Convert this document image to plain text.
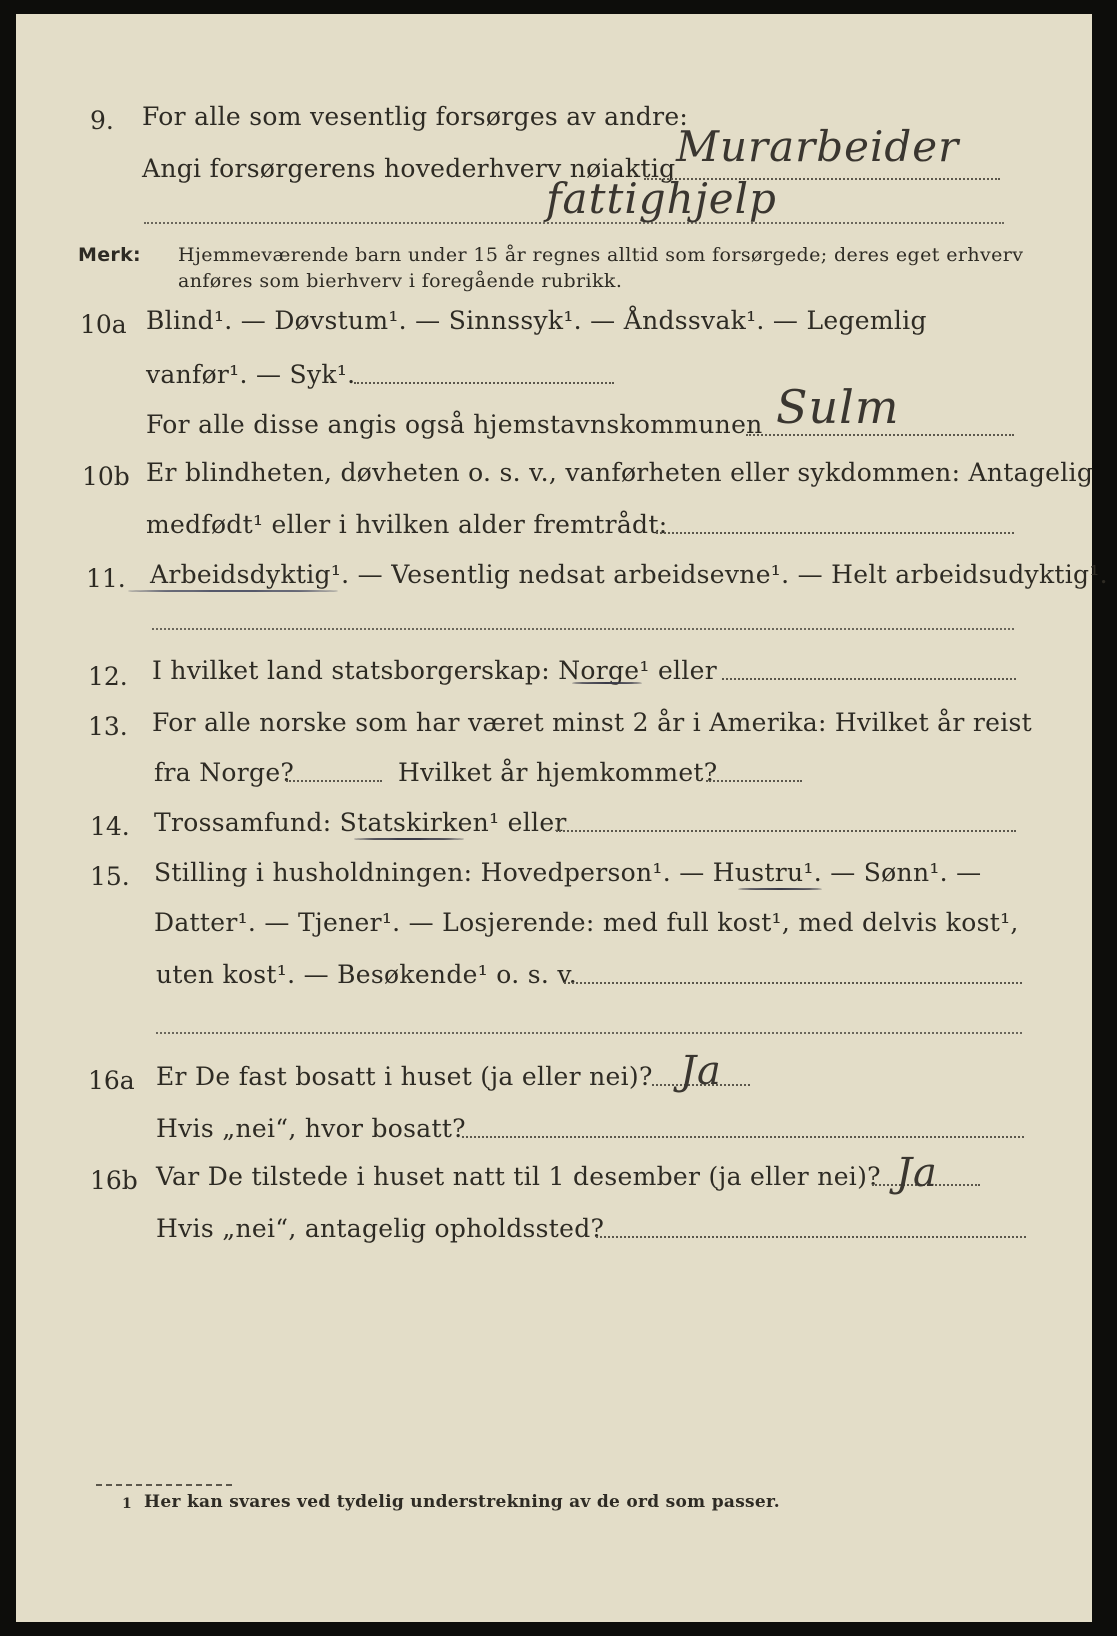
9. For alle som vesentlig forsørges av andre:
Angi forsørgerens hovederhverv nøiaktig Murarbeider
fattighjelp
Merk: Hjemmeværende barn under 15 år regnes alltid som forsørgede; deres eget erhverv
anføres som bierhverv i foregående rubrikk.
10a Blind¹. — Døvstum¹. — Sinnssyk¹. — Åndssvak¹. — Legemlig
vanfør¹. — Syk¹.
For alle disse angis også hjemstavnskommunen Sulm
10b Er blindheten, døvheten o. s. v., vanførheten eller sykdommen: Antagelig
medfødt¹ eller i hvilken alder fremtrådt:
11. Arbeidsdyktig¹. — Vesentlig nedsat arbeidsevne¹. — Helt arbeidsudyktig¹.
12. I hvilket land statsborgerskap: Norge¹ eller
13. For alle norske som har været minst 2 år i Amerika: Hvilket år reist
fra Norge?	Hvilket år hjemkommet?
14. Trossamfund: Statskirken¹ eller
15. Stilling i husholdningen: Hovedperson¹. — Hustru¹. — Sønn¹. —
Datter¹. — Tjener¹. — Losjerende: med full kost¹, med delvis kost¹,
uten kost¹. — Besøkende¹ o. s. v.
16a Er De fast bosatt i huset (ja eller nei)? Ja
Hvis „nei“, hvor bosatt?
16b Var De tilstede i huset natt til 1 desember (ja eller nei)? Ja
Hvis „nei“, antagelig opholdssted?
1 Her kan svares ved tydelig understrekning av de ord som passer.
